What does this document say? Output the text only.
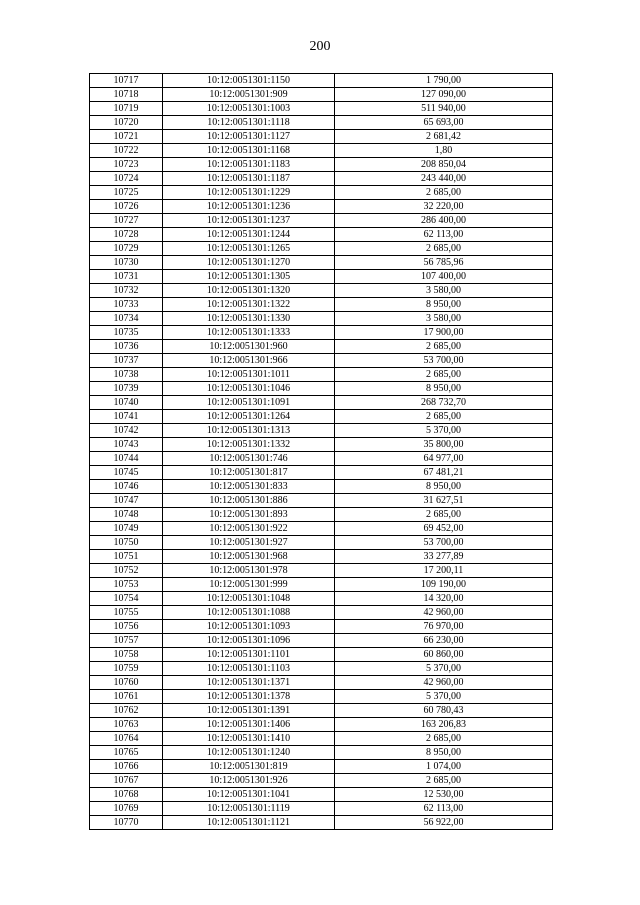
200
10717	10:12:0051301:1150	1 790,00
10718	10:12:0051301:909	127 090,00
10719	10:12:0051301:1003	511 940,00
10720	10:12:0051301:1118	65 693,00
10721	10:12:0051301:1127	2 681,42
10722	10:12:0051301:1168	1,80
10723	10:12:0051301:1183	208 850,04
10724	10:12:0051301:1187	243 440,00
10725	10:12:0051301:1229	2 685,00
10726	10:12:0051301:1236	32 220,00
10727	10:12:0051301:1237	286 400,00
10728	10:12:0051301:1244	62 113,00
10729	10:12:0051301:1265	2 685,00
10730	10:12:0051301:1270	56 785,96
10731	10:12:0051301:1305	107 400,00
10732	10:12:0051301:1320	3 580,00
10733	10:12:0051301:1322	8 950,00
10734	10:12:0051301:1330	3 580,00
10735	10:12:0051301:1333	17 900,00
10736	10:12:0051301:960	2 685,00
10737	10:12:0051301:966	53 700,00
10738	10:12:0051301:1011	2 685,00
10739	10:12:0051301:1046	8 950,00
10740	10:12:0051301:1091	268 732,70
10741	10:12:0051301:1264	2 685,00
10742	10:12:0051301:1313	5 370,00
10743	10:12:0051301:1332	35 800,00
10744	10:12:0051301:746	64 977,00
10745	10:12:0051301:817	67 481,21
10746	10:12:0051301:833	8 950,00
10747	10:12:0051301:886	31 627,51
10748	10:12:0051301:893	2 685,00
10749	10:12:0051301:922	69 452,00
10750	10:12:0051301:927	53 700,00
10751	10:12:0051301:968	33 277,89
10752	10:12:0051301:978	17 200,11
10753	10:12:0051301:999	109 190,00
10754	10:12:0051301:1048	14 320,00
10755	10:12:0051301:1088	42 960,00
10756	10:12:0051301:1093	76 970,00
10757	10:12:0051301:1096	66 230,00
10758	10:12:0051301:1101	60 860,00
10759	10:12:0051301:1103	5 370,00
10760	10:12:0051301:1371	42 960,00
10761	10:12:0051301:1378	5 370,00
10762	10:12:0051301:1391	60 780,43
10763	10:12:0051301:1406	163 206,83
10764	10:12:0051301:1410	2 685,00
10765	10:12:0051301:1240	8 950,00
10766	10:12:0051301:819	1 074,00
10767	10:12:0051301:926	2 685,00
10768	10:12:0051301:1041	12 530,00
10769	10:12:0051301:1119	62 113,00
10770	10:12:0051301:1121	56 922,00
